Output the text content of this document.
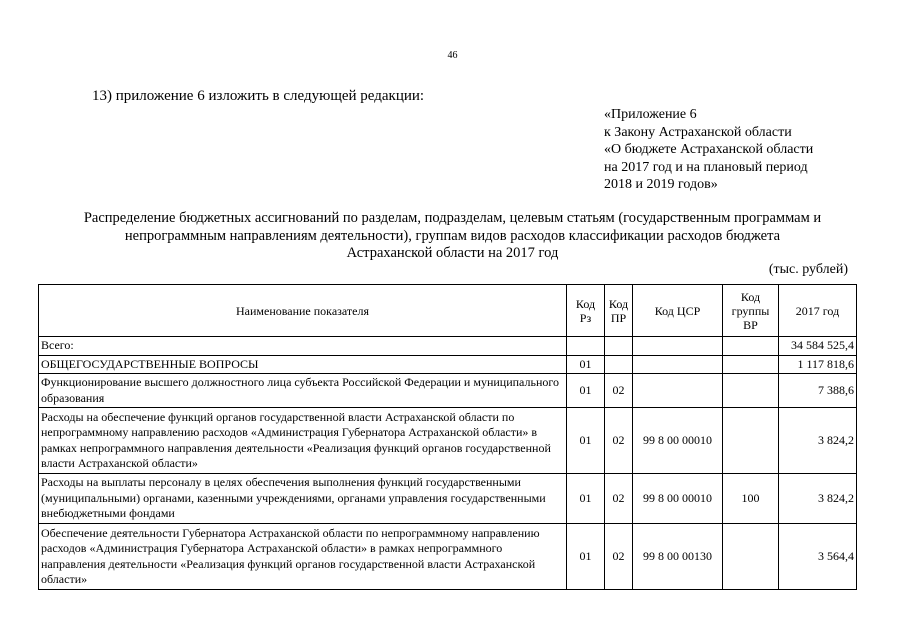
46
13) приложение 6 изложить в следующей редакции:
«Приложение 6
к Закону Астраханской области
«О бюджете Астраханской области
на 2017 год и на плановый период
2018 и 2019 годов»
Распределение бюджетных ассигнований по разделам, подразделам, целевым статьям (государственным программам и
непрограммным направлениям деятельности), группам видов расходов классификации расходов бюджета
Астраханской области на 2017 год
(тыс. рублей)
Наименование показателя	Код Рз	Код ПР	Код ЦСР	Код группы ВР	2017 год
Всего:					34 584 525,4
ОБЩЕГОСУДАРСТВЕННЫЕ ВОПРОСЫ	01				1 117 818,6
Функционирование высшего должностного лица субъекта Российской Федерации и муниципального образования	01	02			7 388,6
Расходы на обеспечение функций органов государственной власти Астраханской области по непрограммному направлению расходов «Администрация Губернатора Астраханской области» в рамках непрограммного направления деятельности «Реализация функций органов государственной власти Астраханской области»	01	02	99 8 00 00010		3 824,2
Расходы на выплаты персоналу в целях обеспечения выполнения функций государственными (муниципальными) органами, казенными учреждениями, органами управления государственными внебюджетными фондами	01	02	99 8 00 00010	100	3 824,2
Обеспечение деятельности Губернатора Астраханской области по непрограммному направлению расходов «Администрация Губернатора Астраханской области» в рамках непрограммного направления деятельности «Реализация функций органов государственной власти Астраханской области»	01	02	99 8 00 00130		3 564,4
